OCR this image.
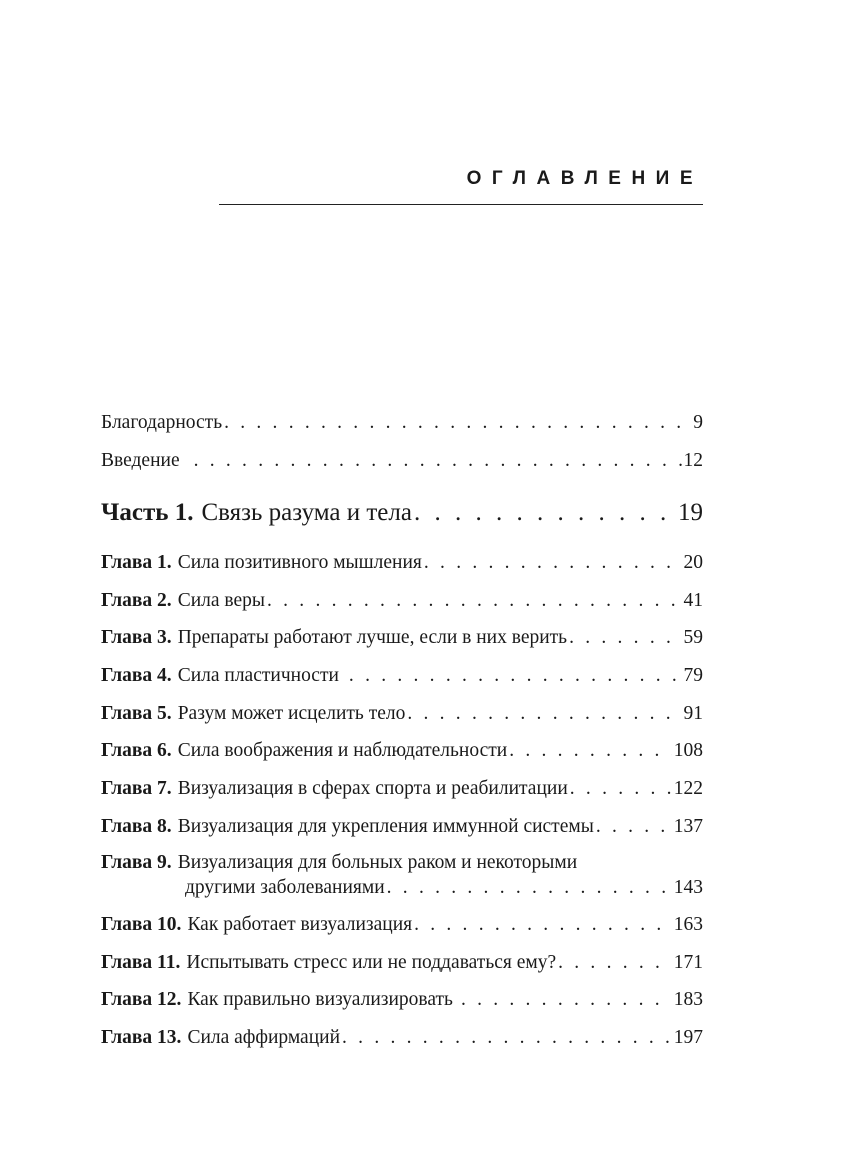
ОГЛАВЛЕНИЕ
Благодарность . . .	9
Введение . . .	12
Часть 1. Связь разума и тела . . .	19
Глава 1. Сила позитивного мышления . . .	20
Глава 2. Сила веры . . .	41
Глава 3. Препараты работают лучше, если в них верить . . .	59
Глава 4. Сила пластичности . . .	79
Глава 5. Разум может исцелить тело . . .	91
Глава 6. Сила воображения и наблюдательности . . .	108
Глава 7. Визуализация в сферах спорта и реабилитации . . .	122
Глава 8. Визуализация для укрепления иммунной системы . . .	137
Глава 9. Визуализация для больных раком и некоторыми
другими заболеваниями . . .	143
Глава 10. Как работает визуализация . . .	163
Глава 11. Испытывать стресс или не поддаваться ему? . . .	171
Глава 12. Как правильно визуализировать . . .	183
Глава 13. Сила аффирмаций . . .	197
